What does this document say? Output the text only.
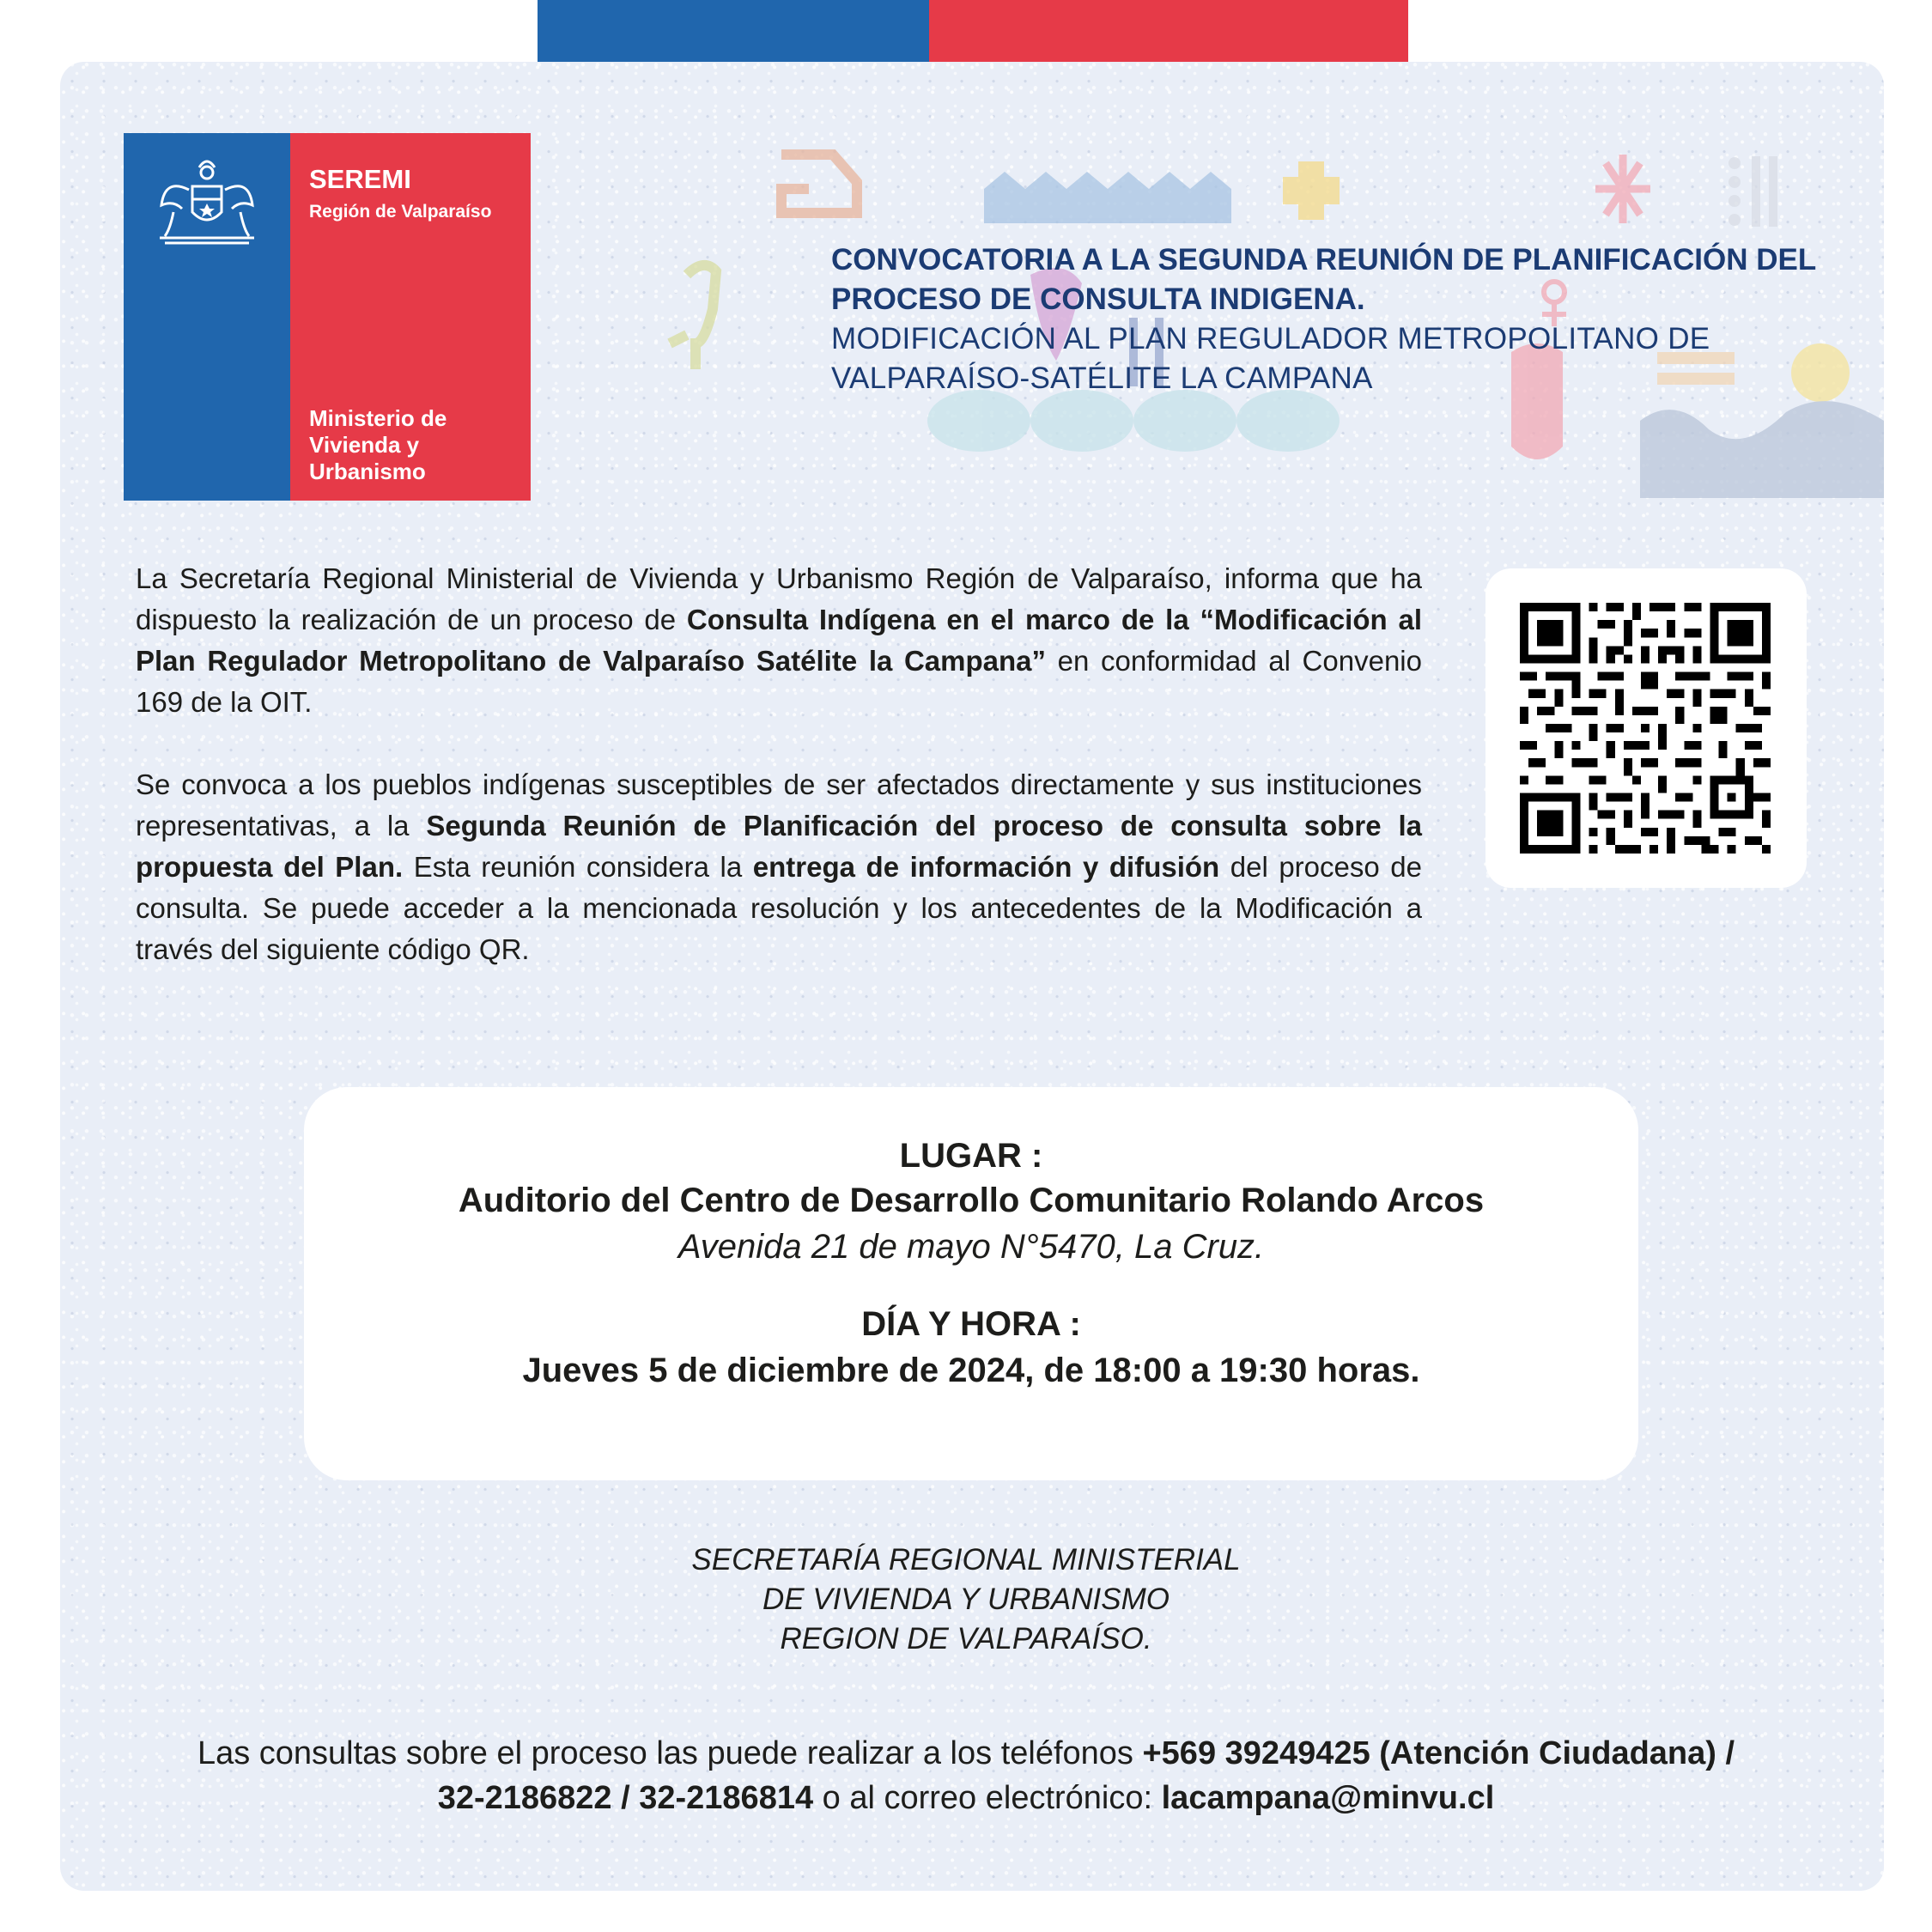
SEREMI
Región de Valparaíso
Ministerio de Vivienda y Urbanismo
CONVOCATORIA A LA SEGUNDA REUNIÓN DE PLANIFICACIÓN DEL PROCESO DE CONSULTA INDIGENA.
MODIFICACIÓN AL PLAN REGULADOR METROPOLITANO DE VALPARAÍSO-SATÉLITE LA CAMPANA
La Secretaría Regional Ministerial de Vivienda y Urbanismo Región de Valparaíso, informa que ha dispuesto la realización de un proceso de Consulta Indígena en el marco de la “Modificación al Plan Regulador Metropolitano de Valparaíso Satélite la Campana” en conformidad al Convenio 169 de la OIT.
Se convoca a los pueblos indígenas susceptibles de ser afectados directamente y sus instituciones representativas, a la Segunda Reunión de Planificación del proceso de consulta sobre la propuesta del Plan. Esta reunión considera la entrega de información y difusión del proceso de consulta. Se puede acceder a la mencionada resolución y los antecedentes de la Modificación a través del siguiente código QR.
LUGAR :
Auditorio del Centro de Desarrollo Comunitario Rolando Arcos
Avenida 21 de mayo N°5470, La Cruz.
DÍA Y HORA :
Jueves 5 de diciembre de 2024, de 18:00 a 19:30 horas.
SECRETARÍA REGIONAL MINISTERIAL
DE VIVIENDA Y URBANISMO
REGION DE VALPARAÍSO.
Las consultas sobre el proceso las puede realizar a los teléfonos +569 39249425 (Atención Ciudadana) /
32-2186822 / 32-2186814 o al correo electrónico: lacampana@minvu.cl
